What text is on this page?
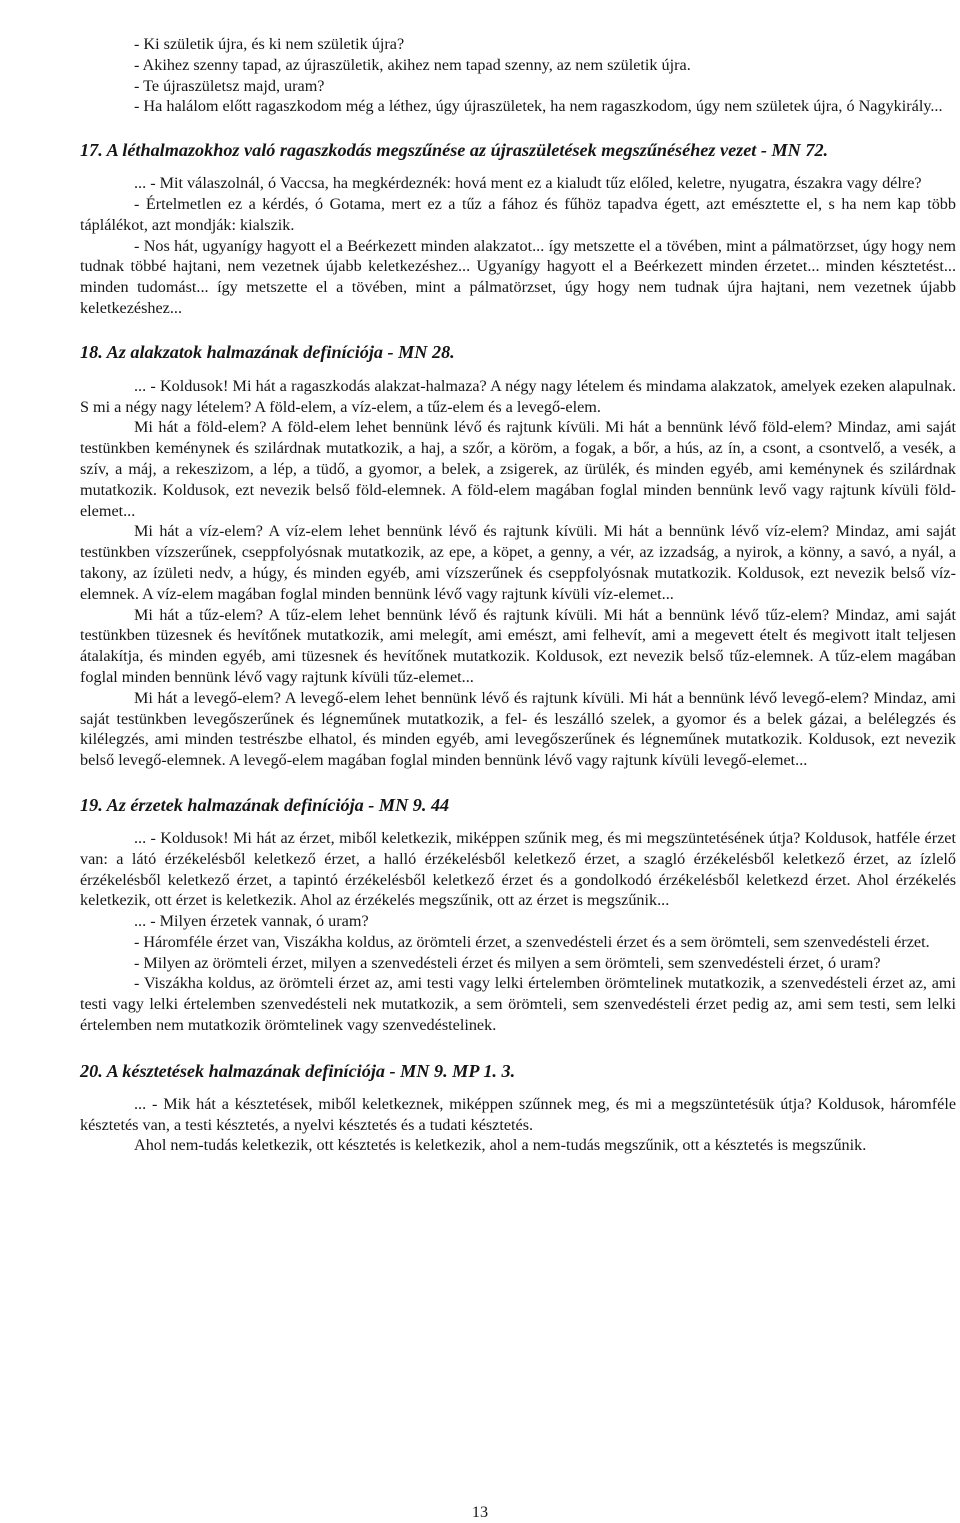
- Ki születik újra, és ki nem születik újra?

- Akihez szenny tapad, az újraszületik, akihez nem tapad szenny, az nem születik újra.

- Te újraszületsz majd, uram?

- Ha halálom előtt ragaszkodom még a léthez, úgy újraszületek, ha nem ragaszkodom, úgy nem születek újra, ó Nagykirály...

17. A léthalmazokhoz való ragaszkodás megszűnése az újraszületések megszűnéséhez vezet - MN 72.

... - Mit válaszolnál, ó Vaccsa, ha megkérdeznék: hová ment ez a kialudt tűz előled, keletre, nyugatra, északra vagy délre?

- Értelmetlen ez a kérdés, ó Gotama, mert ez a tűz a fához és fűhöz tapadva égett, azt emésztette el, s ha nem kap több táplálékot, azt mondják: kialszik.

- Nos hát, ugyanígy hagyott el a Beérkezett minden alakzatot... így metszette el a tövében, mint a pálmatörzset, úgy hogy nem tudnak többé hajtani, nem vezetnek újabb keletkezéshez... Ugyanígy hagyott el a Beérkezett minden érzetet... minden késztetést... minden tudomást... így metszette el a tövében, mint a pálmatörzset, úgy hogy nem tudnak újra hajtani, nem vezetnek újabb keletkezéshez...

18. Az alakzatok halmazának definíciója - MN 28.

... - Koldusok! Mi hát a ragaszkodás alakzat-halmaza? A négy nagy lételem és mindama alakzatok, amelyek ezeken alapulnak. S mi a négy nagy lételem? A föld-elem, a víz-elem, a tűz-elem és a levegő-elem.

Mi hát a föld-elem? A föld-elem lehet bennünk lévő és rajtunk kívüli. Mi hát a bennünk lévő föld-elem? Mindaz, ami saját testünkben keménynek és szilárdnak mutatkozik, a haj, a szőr, a köröm, a fogak, a bőr, a hús, az ín, a csont, a csontvelő, a vesék, a szív, a máj, a rekeszizom, a lép, a tüdő, a gyomor, a belek, a zsigerek, az ürülék, és minden egyéb, ami keménynek és szilárdnak mutatkozik. Koldusok, ezt nevezik belső föld-elemnek. A föld-elem magában foglal minden bennünk levő vagy rajtunk kívüli föld-elemet...

Mi hát a víz-elem? A víz-elem lehet bennünk lévő és rajtunk kívüli. Mi hát a bennünk lévő víz-elem? Mindaz, ami saját testünkben vízszerűnek, cseppfolyósnak mutatkozik, az epe, a köpet, a genny, a vér, az izzadság, a nyirok, a könny, a savó, a nyál, a takony, az ízületi nedv, a húgy, és minden egyéb, ami vízszerűnek és cseppfolyósnak mutatkozik. Koldusok, ezt nevezik belső víz-elemnek. A víz-elem magában foglal minden bennünk lévő vagy rajtunk kívüli víz-elemet...

Mi hát a tűz-elem? A tűz-elem lehet bennünk lévő és rajtunk kívüli. Mi hát a bennünk lévő tűz-elem? Mindaz, ami saját testünkben tüzesnek és hevítőnek mutatkozik, ami melegít, ami emészt, ami felhevít, ami a megevett ételt és megivott italt teljesen átalakítja, és minden egyéb, ami tüzesnek és hevítőnek mutatkozik. Koldusok, ezt nevezik belső tűz-elemnek. A tűz-elem magában foglal minden bennünk lévő vagy rajtunk kívüli tűz-elemet...

Mi hát a levegő-elem? A levegő-elem lehet bennünk lévő és rajtunk kívüli. Mi hát a bennünk lévő levegő-elem? Mindaz, ami saját testünkben levegőszerűnek és légneműnek mutatkozik, a fel- és leszálló szelek, a gyomor és a belek gázai, a belélegzés és kilélegzés, ami minden testrészbe elhatol, és minden egyéb, ami levegőszerűnek és légneműnek mutatkozik. Koldusok, ezt nevezik belső levegő-elemnek. A levegő-elem magában foglal minden bennünk lévő vagy rajtunk kívüli levegő-elemet...

19. Az érzetek halmazának definíciója - MN 9. 44

... - Koldusok! Mi hát az érzet, miből keletkezik, miképpen szűnik meg, és mi megszüntetésének útja? Koldusok, hatféle érzet van: a látó érzékelésből keletkező érzet, a halló érzékelésből keletkező érzet, a szagló érzékelésből keletkező érzet, az ízlelő érzékelésből keletkező érzet, a tapintó érzékelésből keletkező érzet és a gondolkodó érzékelésből keletkezd érzet. Ahol érzékelés keletkezik, ott érzet is keletkezik. Ahol az érzékelés megszűnik, ott az érzet is megszűnik...

... - Milyen érzetek vannak, ó uram?

- Háromféle érzet van, Viszákha koldus, az örömteli érzet, a szenvedésteli érzet és a sem örömteli, sem szenvedésteli érzet.

- Milyen az örömteli érzet, milyen a szenvedésteli érzet és milyen a sem örömteli, sem szenvedésteli érzet, ó uram?

- Viszákha koldus, az örömteli érzet az, ami testi vagy lelki értelemben örömtelinek mutatkozik, a szenvedésteli érzet az, ami testi vagy lelki értelemben szenvedésteli nek mutatkozik, a sem örömteli, sem szenvedésteli érzet pedig az, ami sem testi, sem lelki értelemben nem mutatkozik örömtelinek vagy szenvedéstelinek.

20. A késztetések halmazának definíciója - MN 9. MP 1. 3.

... - Mik hát a késztetések, miből keletkeznek, miképpen szűnnek meg, és mi a megszüntetésük útja? Koldusok, háromféle késztetés van, a testi késztetés, a nyelvi késztetés és a tudati késztetés.

Ahol nem-tudás keletkezik, ott késztetés is keletkezik, ahol a nem-tudás megszűnik, ott a késztetés is megszűnik.

13
